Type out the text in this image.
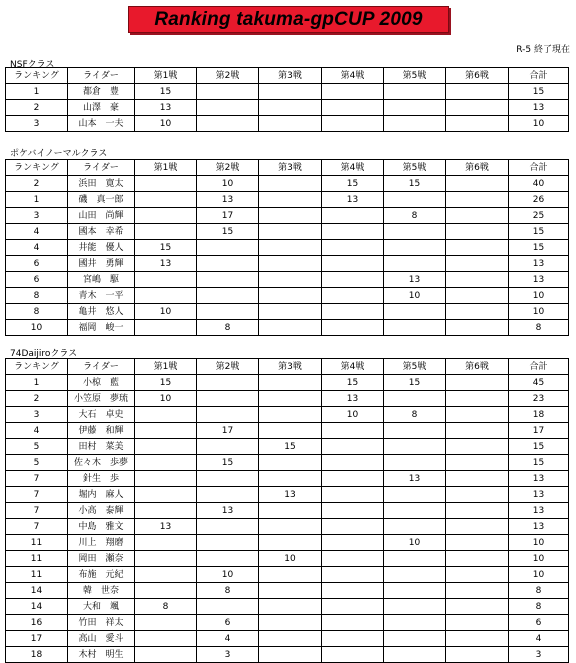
Ranking takuma-gpCUP 2009
R-5 終了現在
NSFクラス
ランキング	ライダー	第1戦	第2戦	第3戦	第4戦	第5戦	第6戦	合計
1	都倉　豊	15						15
2	山澤　豪	13						13
3	山本　一夫	10						10
ポケバイノーマルクラス
ランキング	ライダー	第1戦	第2戦	第3戦	第4戦	第5戦	第6戦	合計
2	浜田　寛太		10		15	15		40
1	磯　真一郎		13		13			26
3	山田　尚輝		17			8		25
4	國本　幸希		15					15
4	井能　優人	15						15
6	國井　勇輝	13						13
6	宮嶋　駆					13		13
8	青木　一平					10		10
8	亀井　悠人	10						10
10	福岡　峻一		8					8
74Daijiroクラス
ランキング	ライダー	第1戦	第2戦	第3戦	第4戦	第5戦	第6戦	合計
1	小椋　藍	15			15	15		45
2	小笠原　夢琉	10			13			23
3	大石　卓史				10	8		18
4	伊藤　和輝		17					17
5	田村　菜美			15				15
5	佐々木　歩夢		15					15
7	針生　歩					13		13
7	堀内　麻人			13				13
7	小高　泰輝		13					13
7	中島　雅文	13						13
11	川上　翔磨					10		10
11	岡田　瀬奈			10				10
11	布施　元紀		10					10
14	韓　世奈		8					8
14	大和　颯	8						8
16	竹田　祥太		6					6
17	高山　愛斗		4					4
18	木村　明生		3					3
